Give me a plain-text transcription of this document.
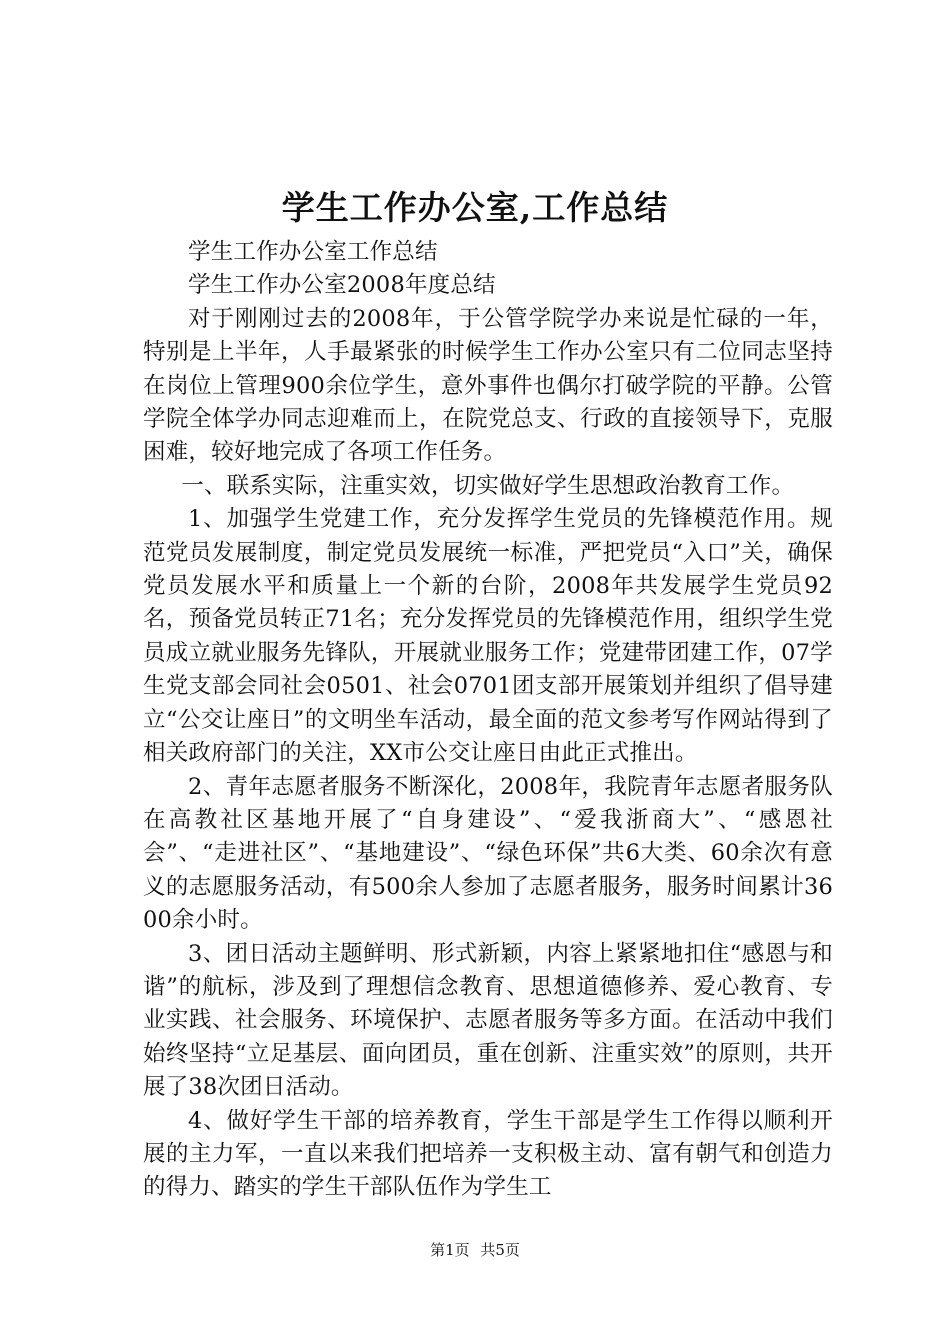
学生工作办公室,工作总结

学生工作办公室工作总结

学生工作办公室2008年度总结

对于刚刚过去的2008年，于公管学院学办来说是忙碌的一年，特别是上半年，人手最紧张的时候学生工作办公室只有二位同志坚持在岗位上管理900余位学生，意外事件也偶尔打破学院的平静。公管学院全体学办同志迎难而上，在院党总支、行政的直接领导下，克服困难，较好地完成了各项工作任务。

一、联系实际，注重实效，切实做好学生思想政治教育工作。

1、加强学生党建工作，充分发挥学生党员的先锋模范作用。规范党员发展制度，制定党员发展统一标准，严把党员“入口”关，确保党员发展水平和质量上一个新的台阶，2008年共发展学生党员92名，预备党员转正71名；充分发挥党员的先锋模范作用，组织学生党员成立就业服务先锋队，开展就业服务工作；党建带团建工作，07学生党支部会同社会0501、社会0701团支部开展策划并组织了倡导建立“公交让座日”的文明坐车活动，最全面的范文参考写作网站得到了相关政府部门的关注，XX市公交让座日由此正式推出。

2、青年志愿者服务不断深化，2008年，我院青年志愿者服务队在高教社区基地开展了“自身建设”、“爱我浙商大”、“感恩社会”、“走进社区”、“基地建设”、“绿色环保”共6大类、60余次有意义的志愿服务活动，有500余人参加了志愿者服务，服务时间累计3600余小时。

3、团日活动主题鲜明、形式新颖，内容上紧紧地扣住“感恩与和谐”的航标，涉及到了理想信念教育、思想道德修养、爱心教育、专业实践、社会服务、环境保护、志愿者服务等多方面。在活动中我们始终坚持“立足基层、面向团员，重在创新、注重实效”的原则，共开展了38次团日活动。

4、做好学生干部的培养教育，学生干部是学生工作得以顺利开展的主力军，一直以来我们把培养一支积极主动、富有朝气和创造力的得力、踏实的学生干部队伍作为学生工

第1页 共5页
